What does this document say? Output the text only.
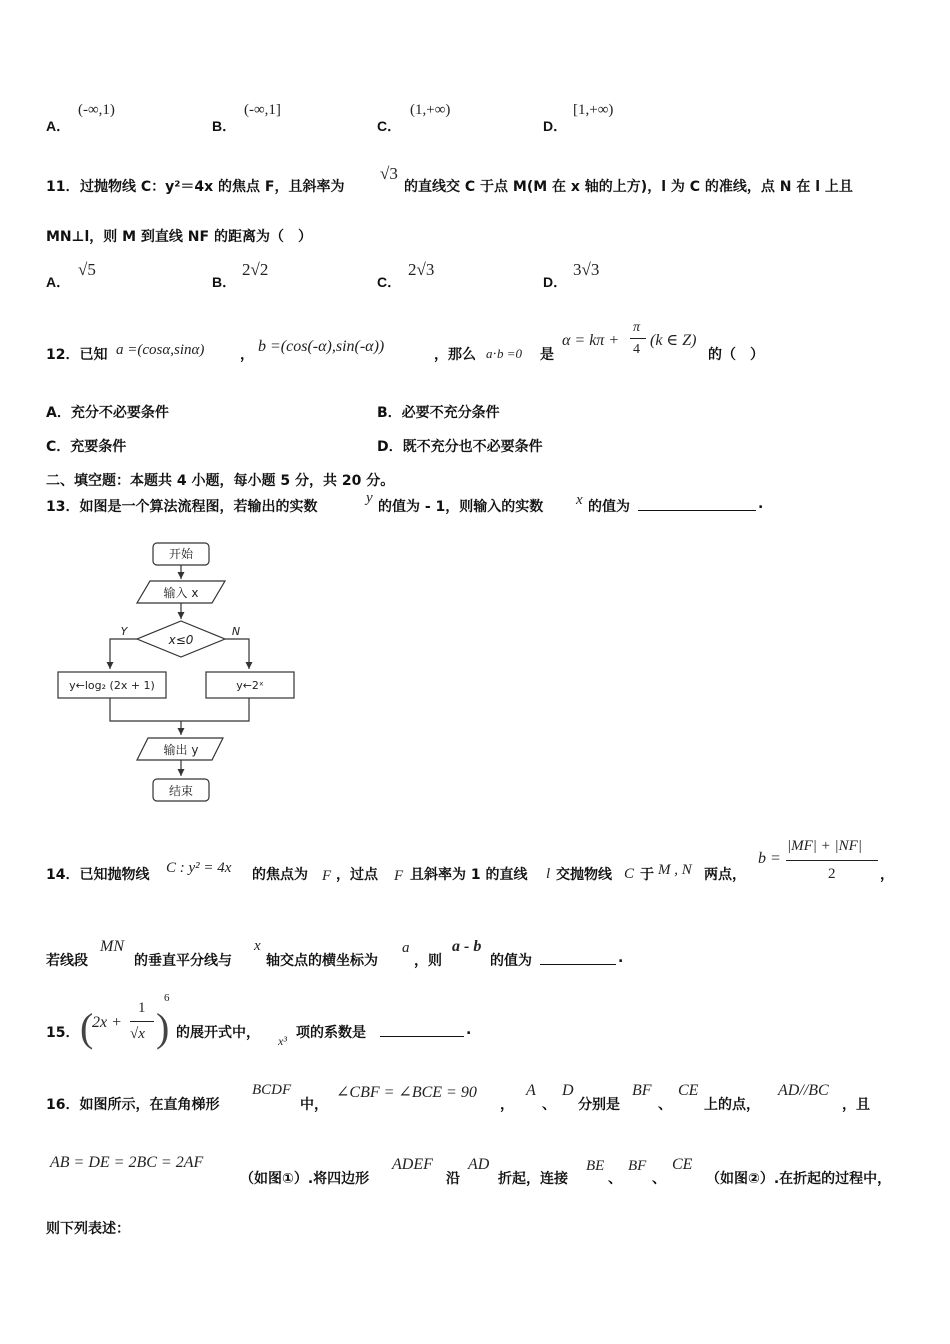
A．
(-∞,1)
B．
(-∞,1]
C．
(1,+∞)
D．
[1,+∞)
11． 过抛物线 C：y²＝4x 的焦点 F，且斜率为
√3
的直线交 C 于点 M(M 在 x 轴的上方)，l 为 C 的准线，点 N 在 l 上且
MN⊥l，则 M 到直线 NF 的距离为（　）
A．
√5
B．
2√2
C．
2√3
D．
3√3
12．已知 a =(cosα,sinα)	， b =(cos(-α),sin(-α))	，那么 a⋅b =0 是
α = kπ +
π
4
(k ∈ Z)
的（　）
A．充分不必要条件	B．必要不充分条件
C．充要条件	D．既不充分也不必要条件
二、填空题：本题共 4 小题，每小题 5 分，共 20 分。
13．如图是一个算法流程图，若输出的实数
y
的值为 - 1，则输入的实数 x 的值为	.
开始
输入 x
x≤0
Y	N
y←log₂ (2x + 1)	y←2ˣ
输出 y
结束
14．已知抛物线 C : y² = 4x 的焦点为 F ，过点 F 且斜率为 1 的直线 l 交抛物线 C 于 M , N 两点，
b =
|MF| + |NF|
2	，
若线段
MN
的垂直平分线与
x
轴交点的横坐标为
a
，则
a - b
的值为	.
15． (
2x +
1
√x )
6
的展开式中， x³ 项的系数是	.
16．如图所示，在直角梯形
BCDF
中，
∠CBF = ∠BCE = 90
，
A
、
D
分别是
BF
、
CE
上的点，
AD//BC
，且
AB = DE = 2BC = 2AF
（如图①）.将四边形
ADEF
沿
AD
折起，连接
BE
、
BF
、
CE
（如图②）.在折起的过程中，
则下列表述：
